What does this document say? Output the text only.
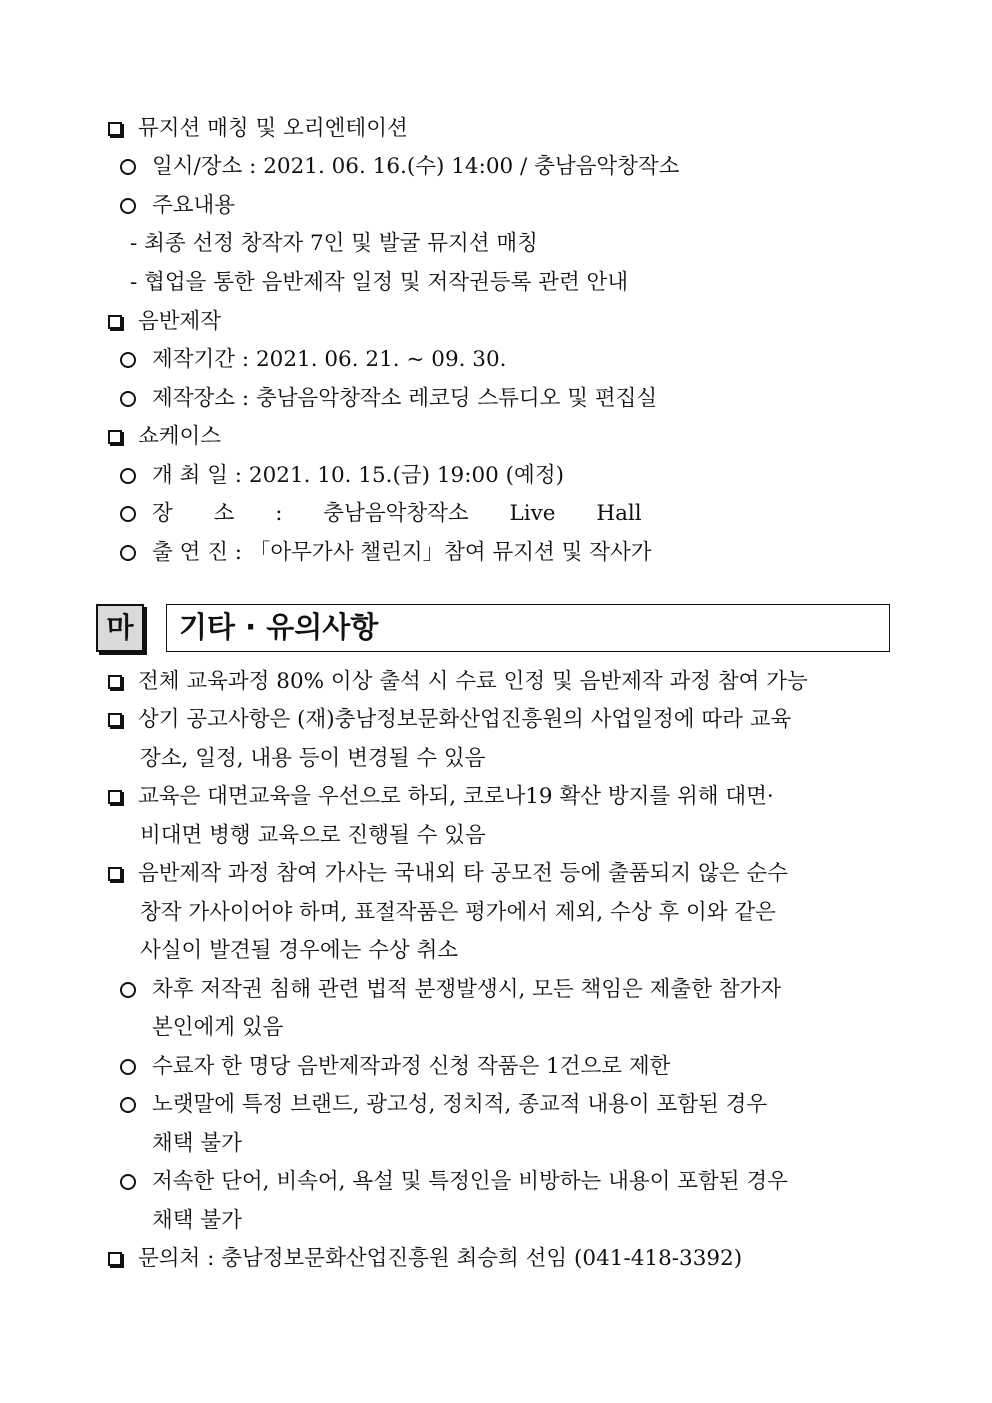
뮤지션 매칭 및 오리엔테이션
일시/장소 : 2021. 06. 16.(수) 14:00 / 충남음악창작소
주요내용
- 최종 선정 창작자 7인 및 발굴 뮤지션 매칭
- 협업을 통한 음반제작 일정 및 저작권등록 관련 안내
음반제작
제작기간 : 2021. 06. 21. ~ 09. 30.
제작장소 : 충남음악창작소 레코딩 스튜디오 및 편집실
쇼케이스
개 최 일 : 2021. 10. 15.(금) 19:00 (예정)
장 소 : 충남음악창작소 Live Hall
출 연 진 : 「아무가사 챌린지」참여 뮤지션 및 작사가
마	기타 · 유의사항
전체 교육과정 80% 이상 출석 시 수료 인정 및 음반제작 과정 참여 가능
상기 공고사항은 (재)충남정보문화산업진흥원의 사업일정에 따라 교육
장소, 일정, 내용 등이 변경될 수 있음
교육은 대면교육을 우선으로 하되, 코로나19 확산 방지를 위해 대면·
비대면 병행 교육으로 진행될 수 있음
음반제작 과정 참여 가사는 국내외 타 공모전 등에 출품되지 않은 순수
창작 가사이어야 하며, 표절작품은 평가에서 제외, 수상 후 이와 같은
사실이 발견될 경우에는 수상 취소
차후 저작권 침해 관련 법적 분쟁발생시, 모든 책임은 제출한 참가자
본인에게 있음
수료자 한 명당 음반제작과정 신청 작품은 1건으로 제한
노랫말에 특정 브랜드, 광고성, 정치적, 종교적 내용이 포함된 경우
채택 불가
저속한 단어, 비속어, 욕설 및 특정인을 비방하는 내용이 포함된 경우
채택 불가
문의처 : 충남정보문화산업진흥원 최승희 선임 (041-418-3392)
